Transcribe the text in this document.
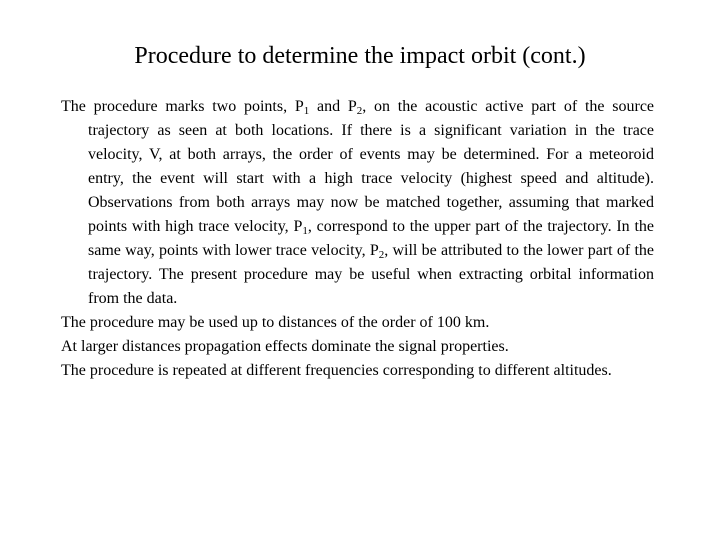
Procedure to determine the impact orbit (cont.)

The procedure marks two points, $P_1$ and $P_2$, on the acoustic active part of the source trajectory as seen at both locations. If there is a significant variation in the trace velocity, V, at both arrays, the order of events may be determined. For a meteoroid entry, the event will start with a high trace velocity (highest speed and altitude). Observations from both arrays may now be matched together, assuming that marked points with high trace velocity, $P_1$, correspond to the upper part of the trajectory. In the same way, points with lower trace velocity, $P_2$, will be attributed to the lower part of the trajectory. The present procedure may be useful when extracting orbital information from the data.

The procedure may be used up to distances of the order of 100 km.

At larger distances propagation effects dominate the signal properties.

The procedure is repeated at different frequencies corresponding to different altitudes.
